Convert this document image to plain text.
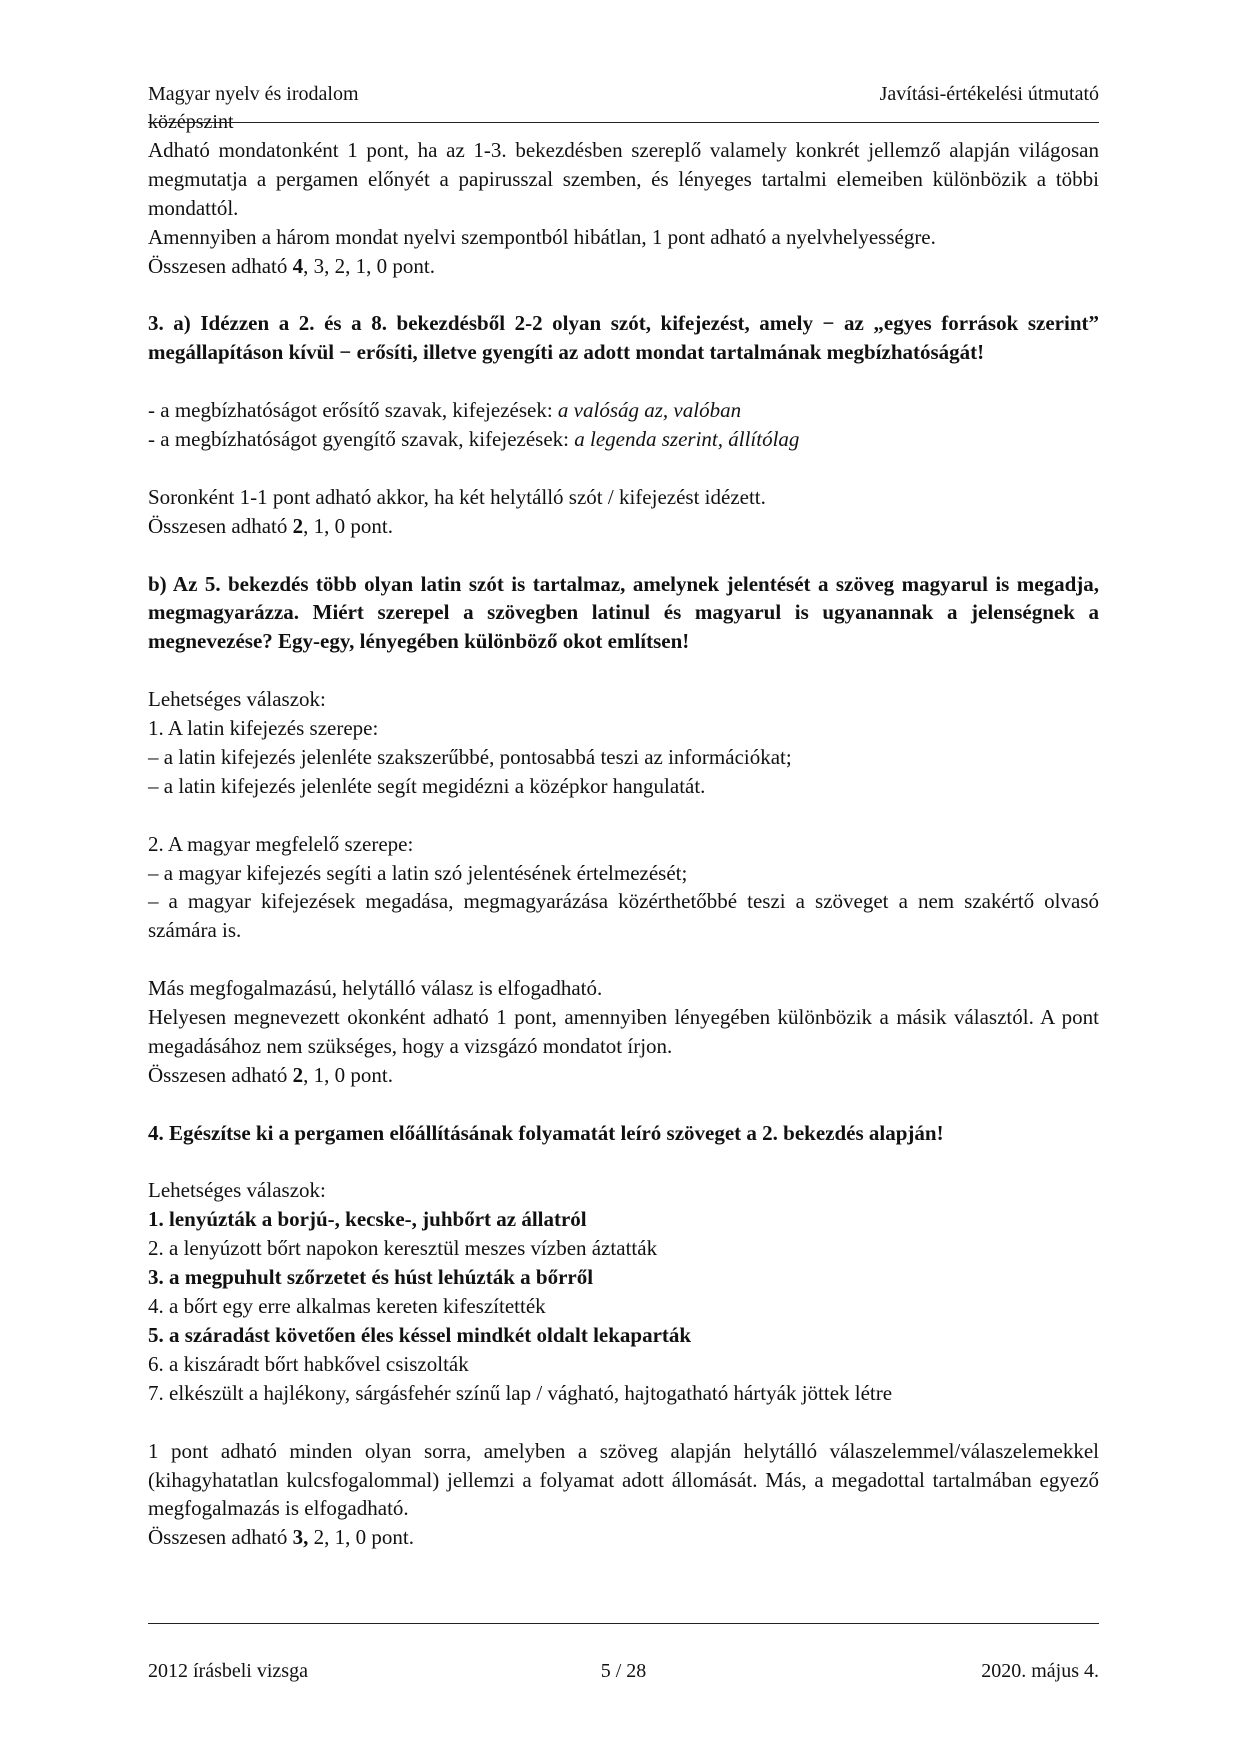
Magyar nyelv és irodalom
középszint
Javítási-értékelési útmutató

Adható mondatonként 1 pont, ha az 1-3. bekezdésben szereplő valamely konkrét jellemző alapján világosan megmutatja a pergamen előnyét a papirusszal szemben, és lényeges tartalmi elemeiben különbözik a többi mondattól.

Amennyiben a három mondat nyelvi szempontból hibátlan, 1 pont adható a nyelvhelyességre.

Összesen adható 4, 3, 2, 1, 0 pont.

3. a) Idézzen a 2. és a 8. bekezdésből 2-2 olyan szót, kifejezést, amely − az „egyes források szerint” megállapításon kívül − erősíti, illetve gyengíti az adott mondat tartalmának megbízhatóságát!

- a megbízhatóságot erősítő szavak, kifejezések: a valóság az, valóban

- a megbízhatóságot gyengítő szavak, kifejezések: a legenda szerint, állítólag

Soronként 1-1 pont adható akkor, ha két helytálló szót / kifejezést idézett.

Összesen adható 2, 1, 0 pont.

b) Az 5. bekezdés több olyan latin szót is tartalmaz, amelynek jelentését a szöveg magyarul is megadja, megmagyarázza. Miért szerepel a szövegben latinul és magyarul is ugyanannak a jelenségnek a megnevezése? Egy-egy, lényegében különböző okot említsen!

Lehetséges válaszok:

1. A latin kifejezés szerepe:

– a latin kifejezés jelenléte szakszerűbbé, pontosabbá teszi az információkat;

– a latin kifejezés jelenléte segít megidézni a középkor hangulatát.

2. A magyar megfelelő szerepe:

– a magyar kifejezés segíti a latin szó jelentésének értelmezését;

– a magyar kifejezések megadása, megmagyarázása közérthetőbbé teszi a szöveget a nem szakértő olvasó számára is.

Más megfogalmazású, helytálló válasz is elfogadható.

Helyesen megnevezett okonként adható 1 pont, amennyiben lényegében különbözik a másik választól. A pont megadásához nem szükséges, hogy a vizsgázó mondatot írjon.

Összesen adható 2, 1, 0 pont.

4. Egészítse ki a pergamen előállításának folyamatát leíró szöveget a 2. bekezdés alapján!

Lehetséges válaszok:

1. lenyúzták a borjú-, kecske-, juhbőrt az állatról

2. a lenyúzott bőrt napokon keresztül meszes vízben áztatták

3. a megpuhult szőrzetet és húst lehúzták a bőrről

4. a bőrt egy erre alkalmas kereten kifeszítették

5. a száradást követően éles késsel mindkét oldalt lekaparták

6. a kiszáradt bőrt habkővel csiszolták

7. elkészült a hajlékony, sárgásfehér színű lap / vágható, hajtogatható hártyák jöttek létre

1 pont adható minden olyan sorra, amelyben a szöveg alapján helytálló válaszelemmel/válaszelemekkel (kihagyhatatlan kulcsfogalommal) jellemzi a folyamat adott állomását. Más, a megadottal tartalmában egyező megfogalmazás is elfogadható.

Összesen adható 3, 2, 1, 0 pont.

2012 írásbeli vizsga	5 / 28	2020. május 4.
